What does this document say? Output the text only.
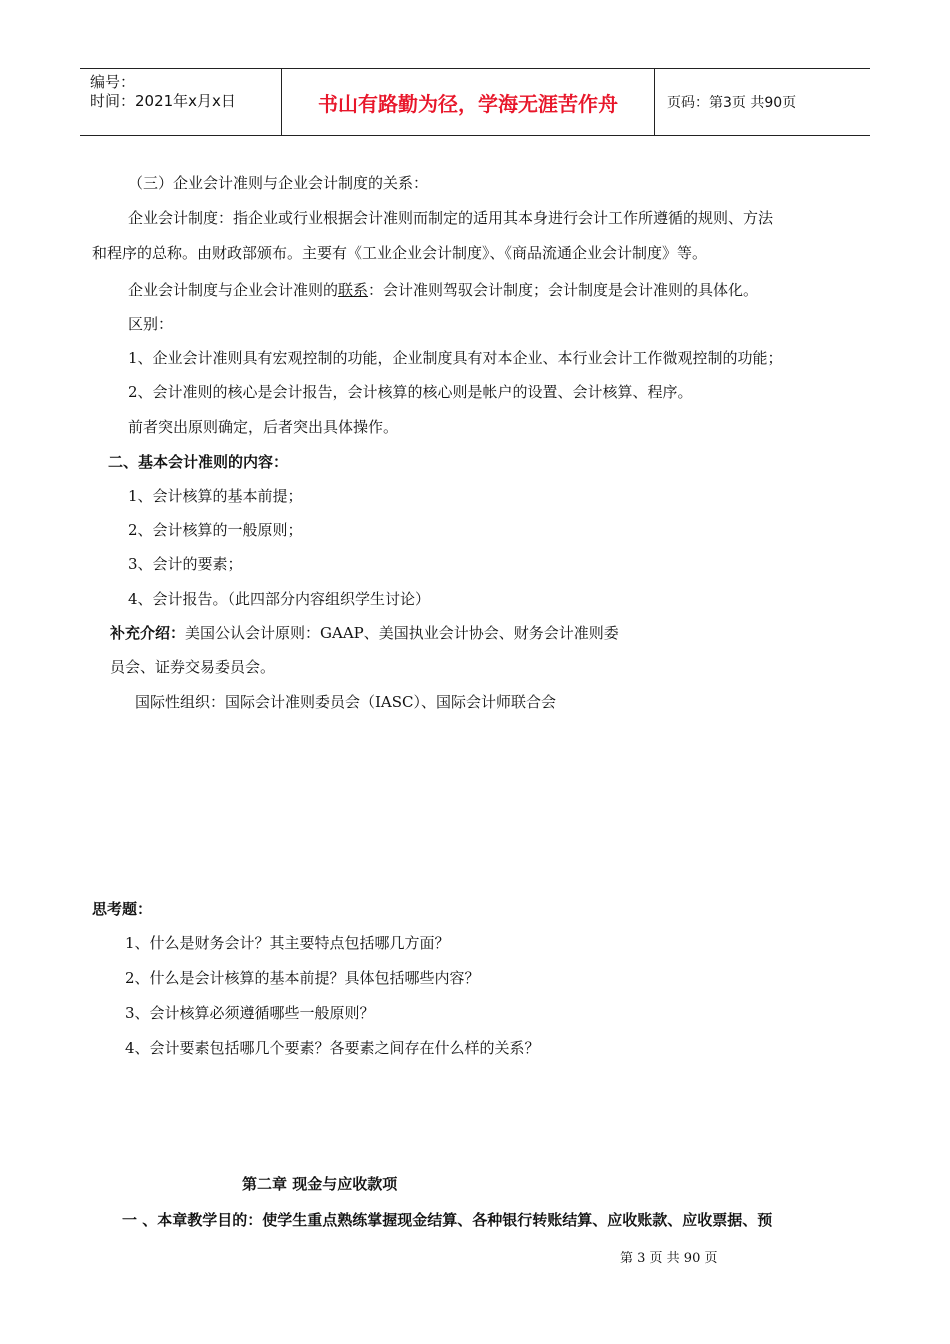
编号：
时间：2021年x月x日	书山有路勤为径，学海无涯苦作舟	页码：第3页 共90页
（三）企业会计准则与企业会计制度的关系：
企业会计制度：指企业或行业根据会计准则而制定的适用其本身进行会计工作所遵循的规则、方法
和程序的总称。由财政部颁布。主要有《工业企业会计制度》、《商品流通企业会计制度》等。
企业会计制度与企业会计准则的联系：会计准则驾驭会计制度；会计制度是会计准则的具体化。
区别：
1、企业会计准则具有宏观控制的功能，企业制度具有对本企业、本行业会计工作微观控制的功能；
2、会计准则的核心是会计报告，会计核算的核心则是帐户的设置、会计核算、程序。
前者突出原则确定，后者突出具体操作。
二、基本会计准则的内容：
1、会计核算的基本前提；
2、会计核算的一般原则；
3、会计的要素；
4、会计报告。（此四部分内容组织学生讨论）
补充介绍：美国公认会计原则：GAAP、美国执业会计协会、财务会计准则委
员会、证券交易委员会。
国际性组织：国际会计准则委员会（IASC）、国际会计师联合会
思考题：
1、什么是财务会计？其主要特点包括哪几方面？
2、什么是会计核算的基本前提？具体包括哪些内容？
3、会计核算必须遵循哪些一般原则？
4、会计要素包括哪几个要素？各要素之间存在什么样的关系？
第二章 现金与应收款项
一 、本章教学目的：使学生重点熟练掌握现金结算、各种银行转账结算、应收账款、应收票据、预
第 3 页 共 90 页
